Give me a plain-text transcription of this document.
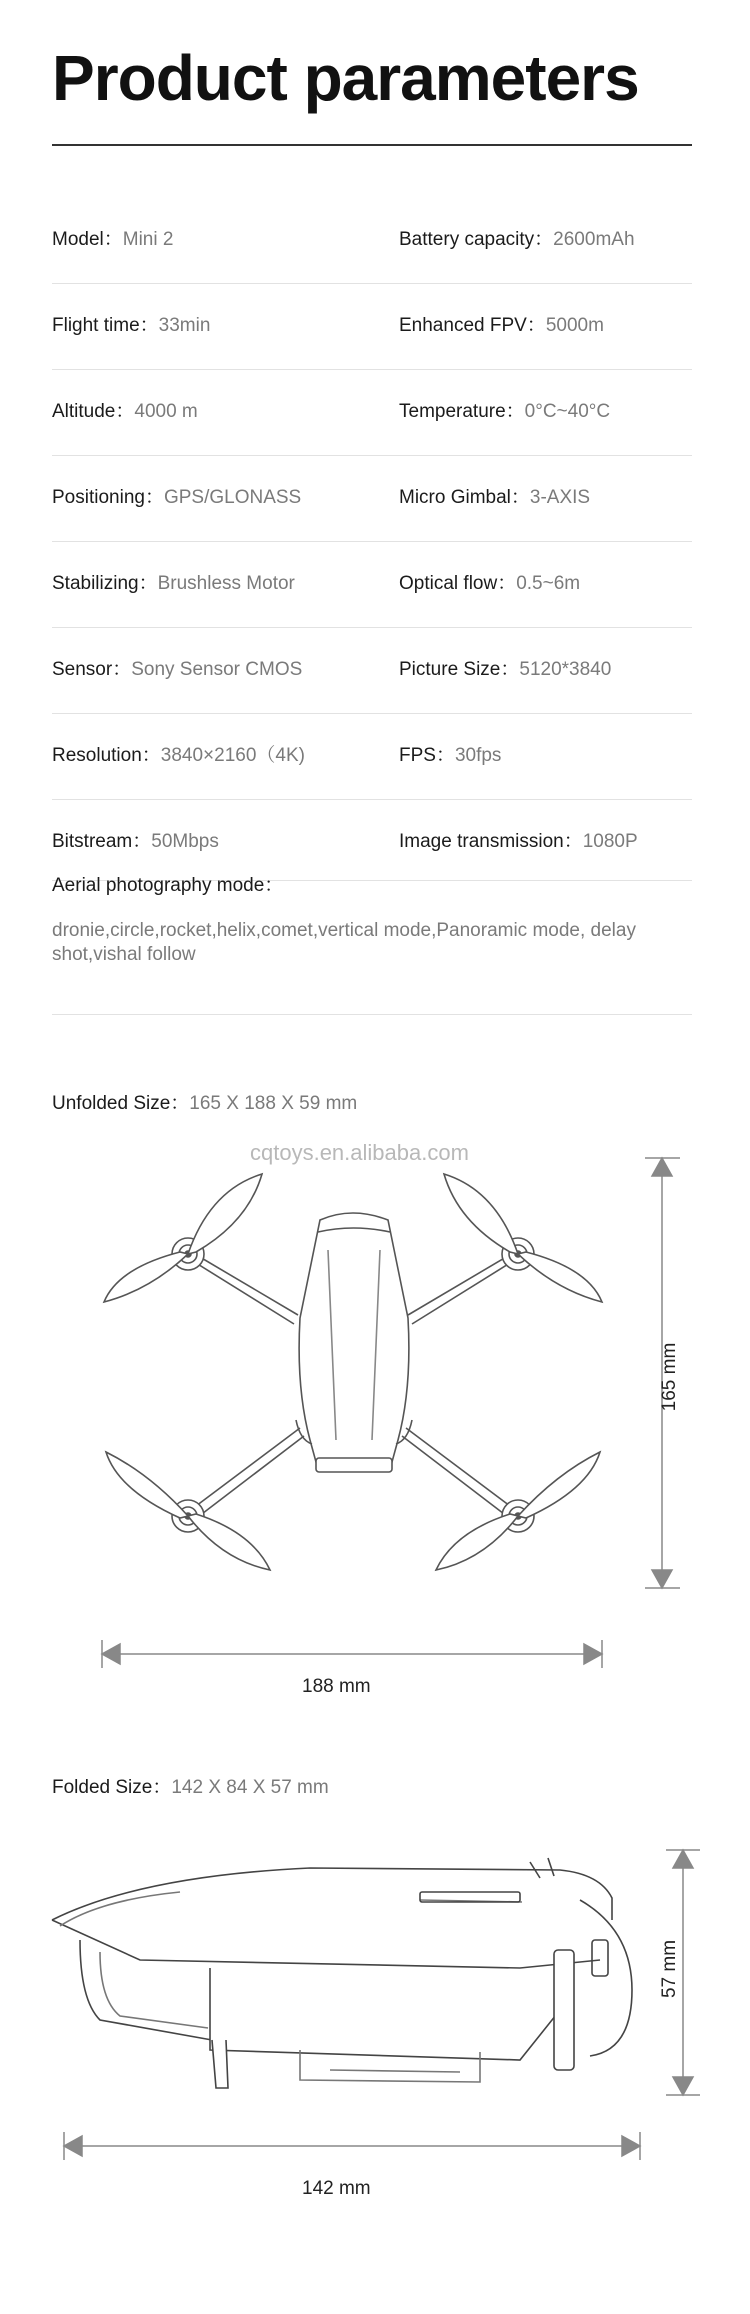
Product parameters
Model：Mini 2	Battery capacity：2600mAh
Flight time：33min	Enhanced FPV：5000m
Altitude：4000 m	Temperature：0°C~40°C
Positioning：GPS/GLONASS	Micro Gimbal：3-AXIS
Stabilizing：Brushless Motor	Optical flow：0.5~6m
Sensor：Sony Sensor CMOS	Picture Size：5120*3840
Resolution：3840×2160（4K)	FPS：30fps
Bitstream：50Mbps	Image transmission：1080P
Aerial photography mode：
dronie,circle,rocket,helix,comet,vertical mode,Panoramic mode, delay shot,vishal follow
Unfolded Size：165 X 188 X 59 mm
cqtoys.en.alibaba.com
165 mm
188 mm
Folded Size：142 X 84 X 57 mm
57 mm
142 mm
